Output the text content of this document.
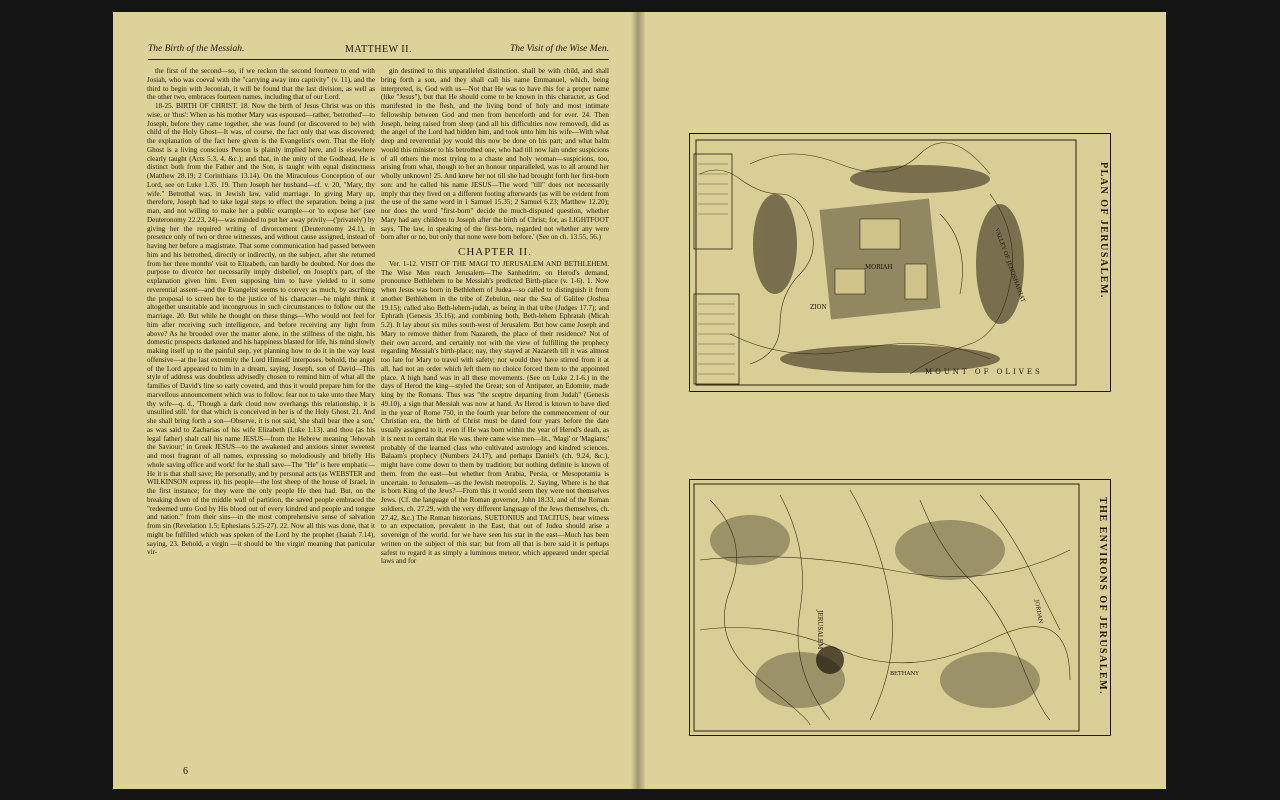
The Birth of the Messiah.	MATTHEW II.	The Visit of the Wise Men.

the first of the second—so, if we reckon the second fourteen to end with Josiah, who was coeval with the "carrying away into captivity" (v. 11), and the third to begin with Jeconiah, it will be found that the last division, as well as the other two, embraces fourteen names, including that of our Lord.

18-25. BIRTH OF CHRIST. 18. Now the birth of Jesus Christ was on this wise, or 'thus': When as his mother Mary was espoused—rather, 'betrothed'—to Joseph, before they came together, she was found (or discovered to be) with child of the Holy Ghost—It was, of course, the fact only that was discovered; the explanation of the fact here given is the Evangelist's own. That the Holy Ghost is a living conscious Person is plainly implied here, and is elsewhere clearly taught (Acts 5.3, 4, &c.); and that, in the unity of the Godhead, He is distinct both from the Father and the Son, is taught with equal distinctness (Matthew 28.19; 2 Corinthians 13.14). On the Miraculous Conception of our Lord, see on Luke 1.35. 19. Then Joseph her husband—cf. v. 20, "Mary, thy wife." Betrothal was, in Jewish law, valid marriage. In giving Mary up, therefore, Joseph had to take legal steps to effect the separation. being a just man, and not willing to make her a public example—or 'to expose her' (see Deuteronomy 22.23, 24)—was minded to put her away privily—('privately') by giving her the required writing of divorcement (Deuteronomy 24.1), in presence only of two or three witnesses, and without cause assigned, instead of having her before a magistrate. That some communication had passed between him and his betrothed, directly or indirectly, on the subject, after she returned from her three months' visit to Elizabeth, can hardly be doubted. Nor does the purpose to divorce her necessarily imply disbelief, on Joseph's part, of the explanation given him. Even supposing him to have yielded to it some reverential assent—and the Evangelist seems to convey as much, by ascribing the proposal to screen her to the justice of his character—he might think it altogether unsuitable and incongruous in such circumstances to follow out the marriage. 20. But while he thought on these things—Who would not feel for him after receiving such intelligence, and before receiving any light from above? As he brooded over the matter alone, in the stillness of the night, his domestic prospects darkened and his happiness blasted for life, his mind slowly making itself up to the painful step, yet planning how to do it in the way least offensive—at the last extremity the Lord Himself interposes. behold, the angel of the Lord appeared to him in a dream, saying, Joseph, son of David—This style of address was doubtless advisedly chosen to remind him of what all the families of David's line so early coveted, and thus it would prepare him for the marvellous announcement which was to follow. fear not to take unto thee Mary thy wife—q. d., 'Though a dark cloud now overhangs this relationship, it is unsullied still.' for that which is conceived in her is of the Holy Ghost. 21. And she shall bring forth a son—Observe, it is not said, 'she shall bear thee a son,' as was said to Zacharias of his wife Elizabeth (Luke 1.13). and thou (as his legal father) shalt call his name JESUS—from the Hebrew meaning 'Jehovah the Saviour;' in Greek JESUS—to the awakened and anxious sinner sweetest and most fragrant of all names, expressing so melodiously and briefly His whole saving office and work! for he shall save—The "He" is here emphatic—He it is that shall save; He personally, and by personal acts (as WEBSTER and WILKINSON express it). his people—the lost sheep of the house of Israel, in the first instance; for they were the only people He then had. But, on the breaking down of the middle wall of partition, the saved people embraced the "redeemed unto God by His blood out of every kindred and people and tongue and nation." from their sins—in the most comprehensive sense of salvation from sin (Revelation 1.5; Ephesians 5.25-27). 22. Now all this was done, that it might be fulfilled which was spoken of the Lord by the prophet (Isaiah 7.14), saying, 23. Behold, a virgin —it should be 'the virgin' meaning that particular vir-

gin destined to this unparalleled distinction. shall be with child, and shall bring forth a son, and they shall call his name Emmanuel, which, being interpreted, is, God with us—Not that He was to have this for a proper name (like "Jesus"), but that He should come to be known in this character, as God manifested in the flesh, and the living bond of holy and most intimate fellowship between God and men from henceforth and for ever. 24. Then Joseph, being raised from sleep (and all his difficulties now removed), did as the angel of the Lord had bidden him, and took unto him his wife—With what deep and reverential joy would this now be done on his part; and what balm would this minister to his betrothed one, who had till now lain under suspicions of all others the most trying to a chaste and holy woman—suspicions, too, arising from what, though to her an honour unparalleled, was to all around her wholly unknown! 25. And knew her not till she had brought forth her first-born son: and he called his name JESUS—The word "till" does not necessarily imply that they lived on a different footing afterwards (as will be evident from the use of the same word in 1 Samuel 15.35; 2 Samuel 6.23; Matthew 12.20); nor does the word "first-born" decide the much-disputed question, whether Mary had any children to Joseph after the birth of Christ; for, as LIGHTFOOT says, 'The law, in speaking of the first-born, regarded not whether any were born after or no, but only that none were born before.' (See on ch. 13.55, 56.)

CHAPTER II.

Ver. 1-12. VISIT OF THE MAGI TO JERUSALEM AND BETHLEHEM. The Wise Men reach Jerusalem—The Sanhedrim, on Herod's demand, pronounce Bethlehem to be Messiah's predicted Birth-place (v. 1-6). 1. Now when Jesus was born in Bethlehem of Judea—so called to distinguish it from another Bethlehem in the tribe of Zebulun, near the Sea of Galilee (Joshua 19.15); called also Beth-lehem-judah, as being in that tribe (Judges 17.7); and Ephrath (Genesis 35.16); and combining both, Beth-lehem Ephratah (Micah 5.2). It lay about six miles south-west of Jerusalem. But how came Joseph and Mary to remove thither from Nazareth, the place of their residence? Not of their own accord, and certainly not with the view of fulfilling the prophecy regarding Messiah's birth-place; nay, they stayed at Nazareth till it was almost too late for Mary to travel with safety; nor would they have stirred from it at all, had not an order which left them no choice forced them to the appointed place. A high hand was in all these movements. (See on Luke 2.1-6.) in the days of Herod the king—styled the Great; son of Antipater, an Edomite, made king by the Romans. Thus was "the sceptre departing from Judah" (Genesis 49.10), a sign that Messiah was now at hand. As Herod is known to have died in the year of Rome 750, in the fourth year before the commencement of our Christian era, the birth of Christ must be dated four years before the date usually assigned to it, even if He was born within the year of Herod's death, as it is next to certain that He was. there came wise men—lit., 'Magi' or 'Magians;' probably of the learned class who cultivated astrology and kindred sciences. Balaam's prophecy (Numbers 24.17), and perhaps Daniel's (ch. 9.24, &c.), might have come down to them by tradition; but nothing definite is known of them. from the east—but whether from Arabia, Persia, or Mesopotamia is uncertain. to Jerusalem—as the Jewish metropolis. 2. Saying, Where is he that is born King of the Jews?—From this it would seem they were not themselves Jews. (Cf. the language of the Roman governor, John 18.33, and of the Roman soldiers, ch. 27.29, with the very different language of the Jews themselves, ch. 27.42, &c.) The Roman historians, SUETONIUS and TACITUS, bear witness to an expectation, prevalent in the East, that out of Judea should arise a sovereign of the world. for we have seen his star in the east—Much has been written on the subject of this star; but from all that is here said it is perhaps safest to regard it as simply a luminous meteor, which appeared under special laws and for

6
MORIAH
ZION
MOUNT OF OLIVES
VALLEY OF JEHOSHAPHAT	PLAN OF JERUSALEM.
JERUSALEM
BETHANY
JORDAN	THE ENVIRONS OF JERUSALEM.
